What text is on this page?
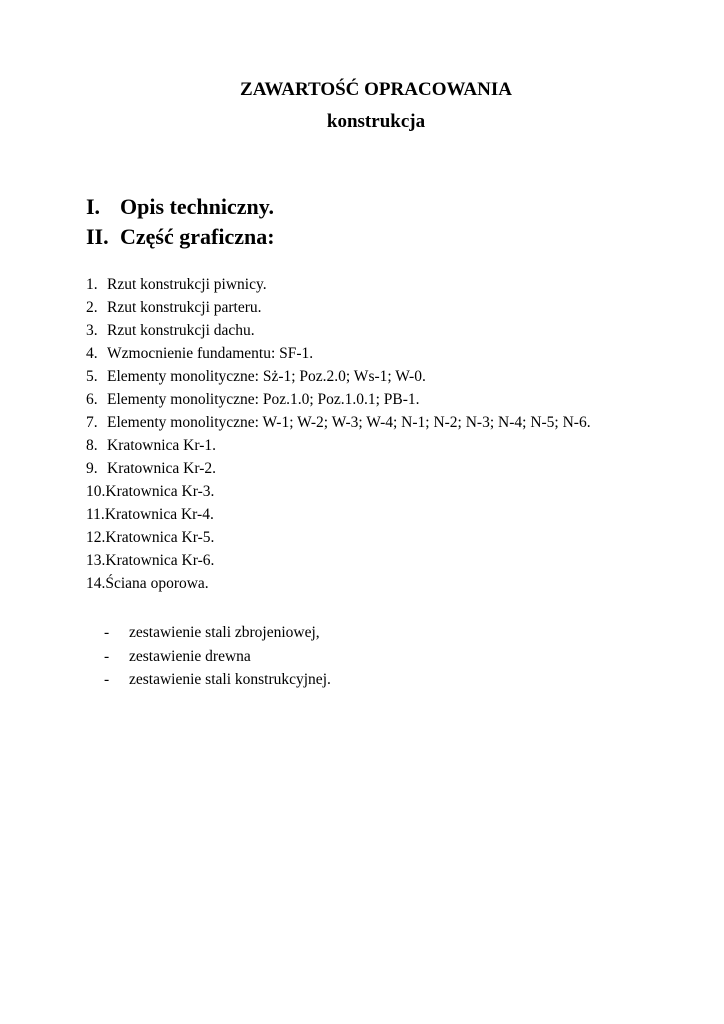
ZAWARTOŚĆ OPRACOWANIA
konstrukcja
I. Opis techniczny.
II. Część graficzna:
1. Rzut konstrukcji piwnicy.
2. Rzut konstrukcji parteru.
3. Rzut konstrukcji dachu.
4. Wzmocnienie fundamentu: SF-1.
5. Elementy monolityczne: Sż-1; Poz.2.0; Ws-1; W-0.
6. Elementy monolityczne: Poz.1.0; Poz.1.0.1; PB-1.
7. Elementy monolityczne: W-1; W-2; W-3; W-4; N-1; N-2; N-3; N-4; N-5; N-6.
8. Kratownica Kr-1.
9. Kratownica Kr-2.
10.Kratownica Kr-3.
11.Kratownica Kr-4.
12.Kratownica Kr-5.
13.Kratownica Kr-6.
14.Ściana oporowa.
- zestawienie stali zbrojeniowej,
- zestawienie drewna
- zestawienie stali konstrukcyjnej.
